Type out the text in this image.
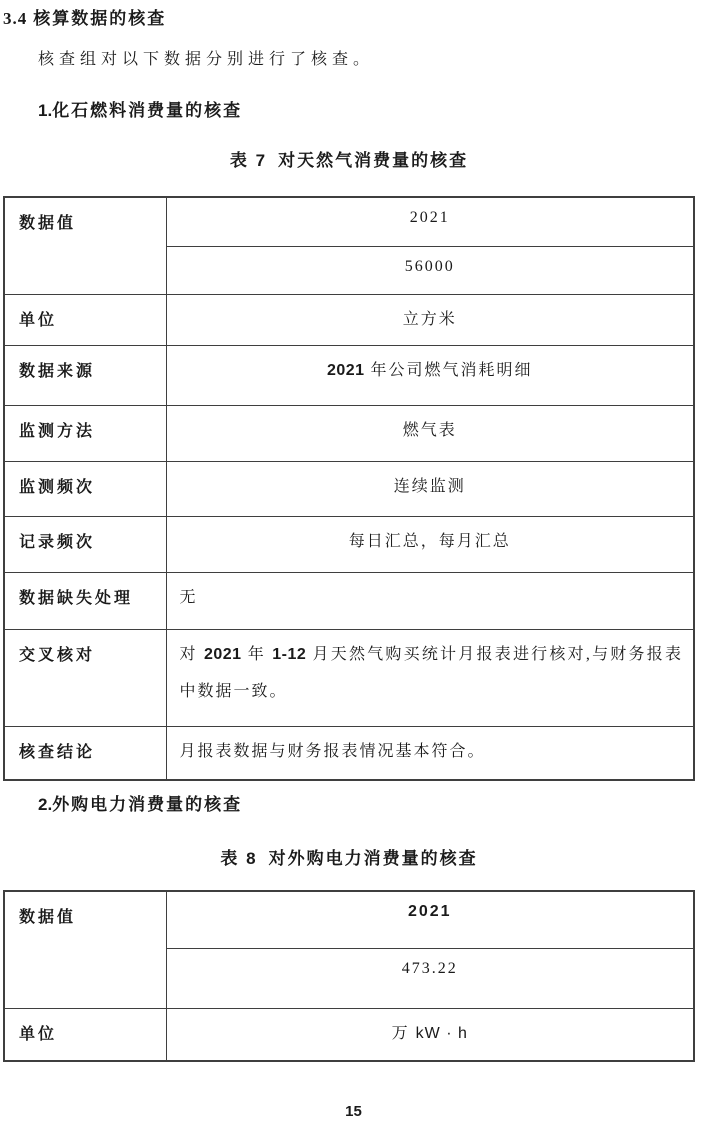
3.4 核算数据的核查

核查组对以下数据分别进行了核查。

1.化石燃料消费量的核查
表 7 对天然气消费量的核查
数据值	2021
	56000
单位	立方米
数据来源	2021 年公司燃气消耗明细
监测方法	燃气表
监测频次	连续监测
记录频次	每日汇总，每月汇总
数据缺失处理	无
交叉核对	对 2021 年 1-12 月天然气购买统计月报表进行核对,与财务报表中数据一致。
核查结论	月报表数据与财务报表情况基本符合。
2.外购电力消费量的核查
表 8 对外购电力消费量的核查
数据值	2021
	473.22
单位	万 kW · h
15
